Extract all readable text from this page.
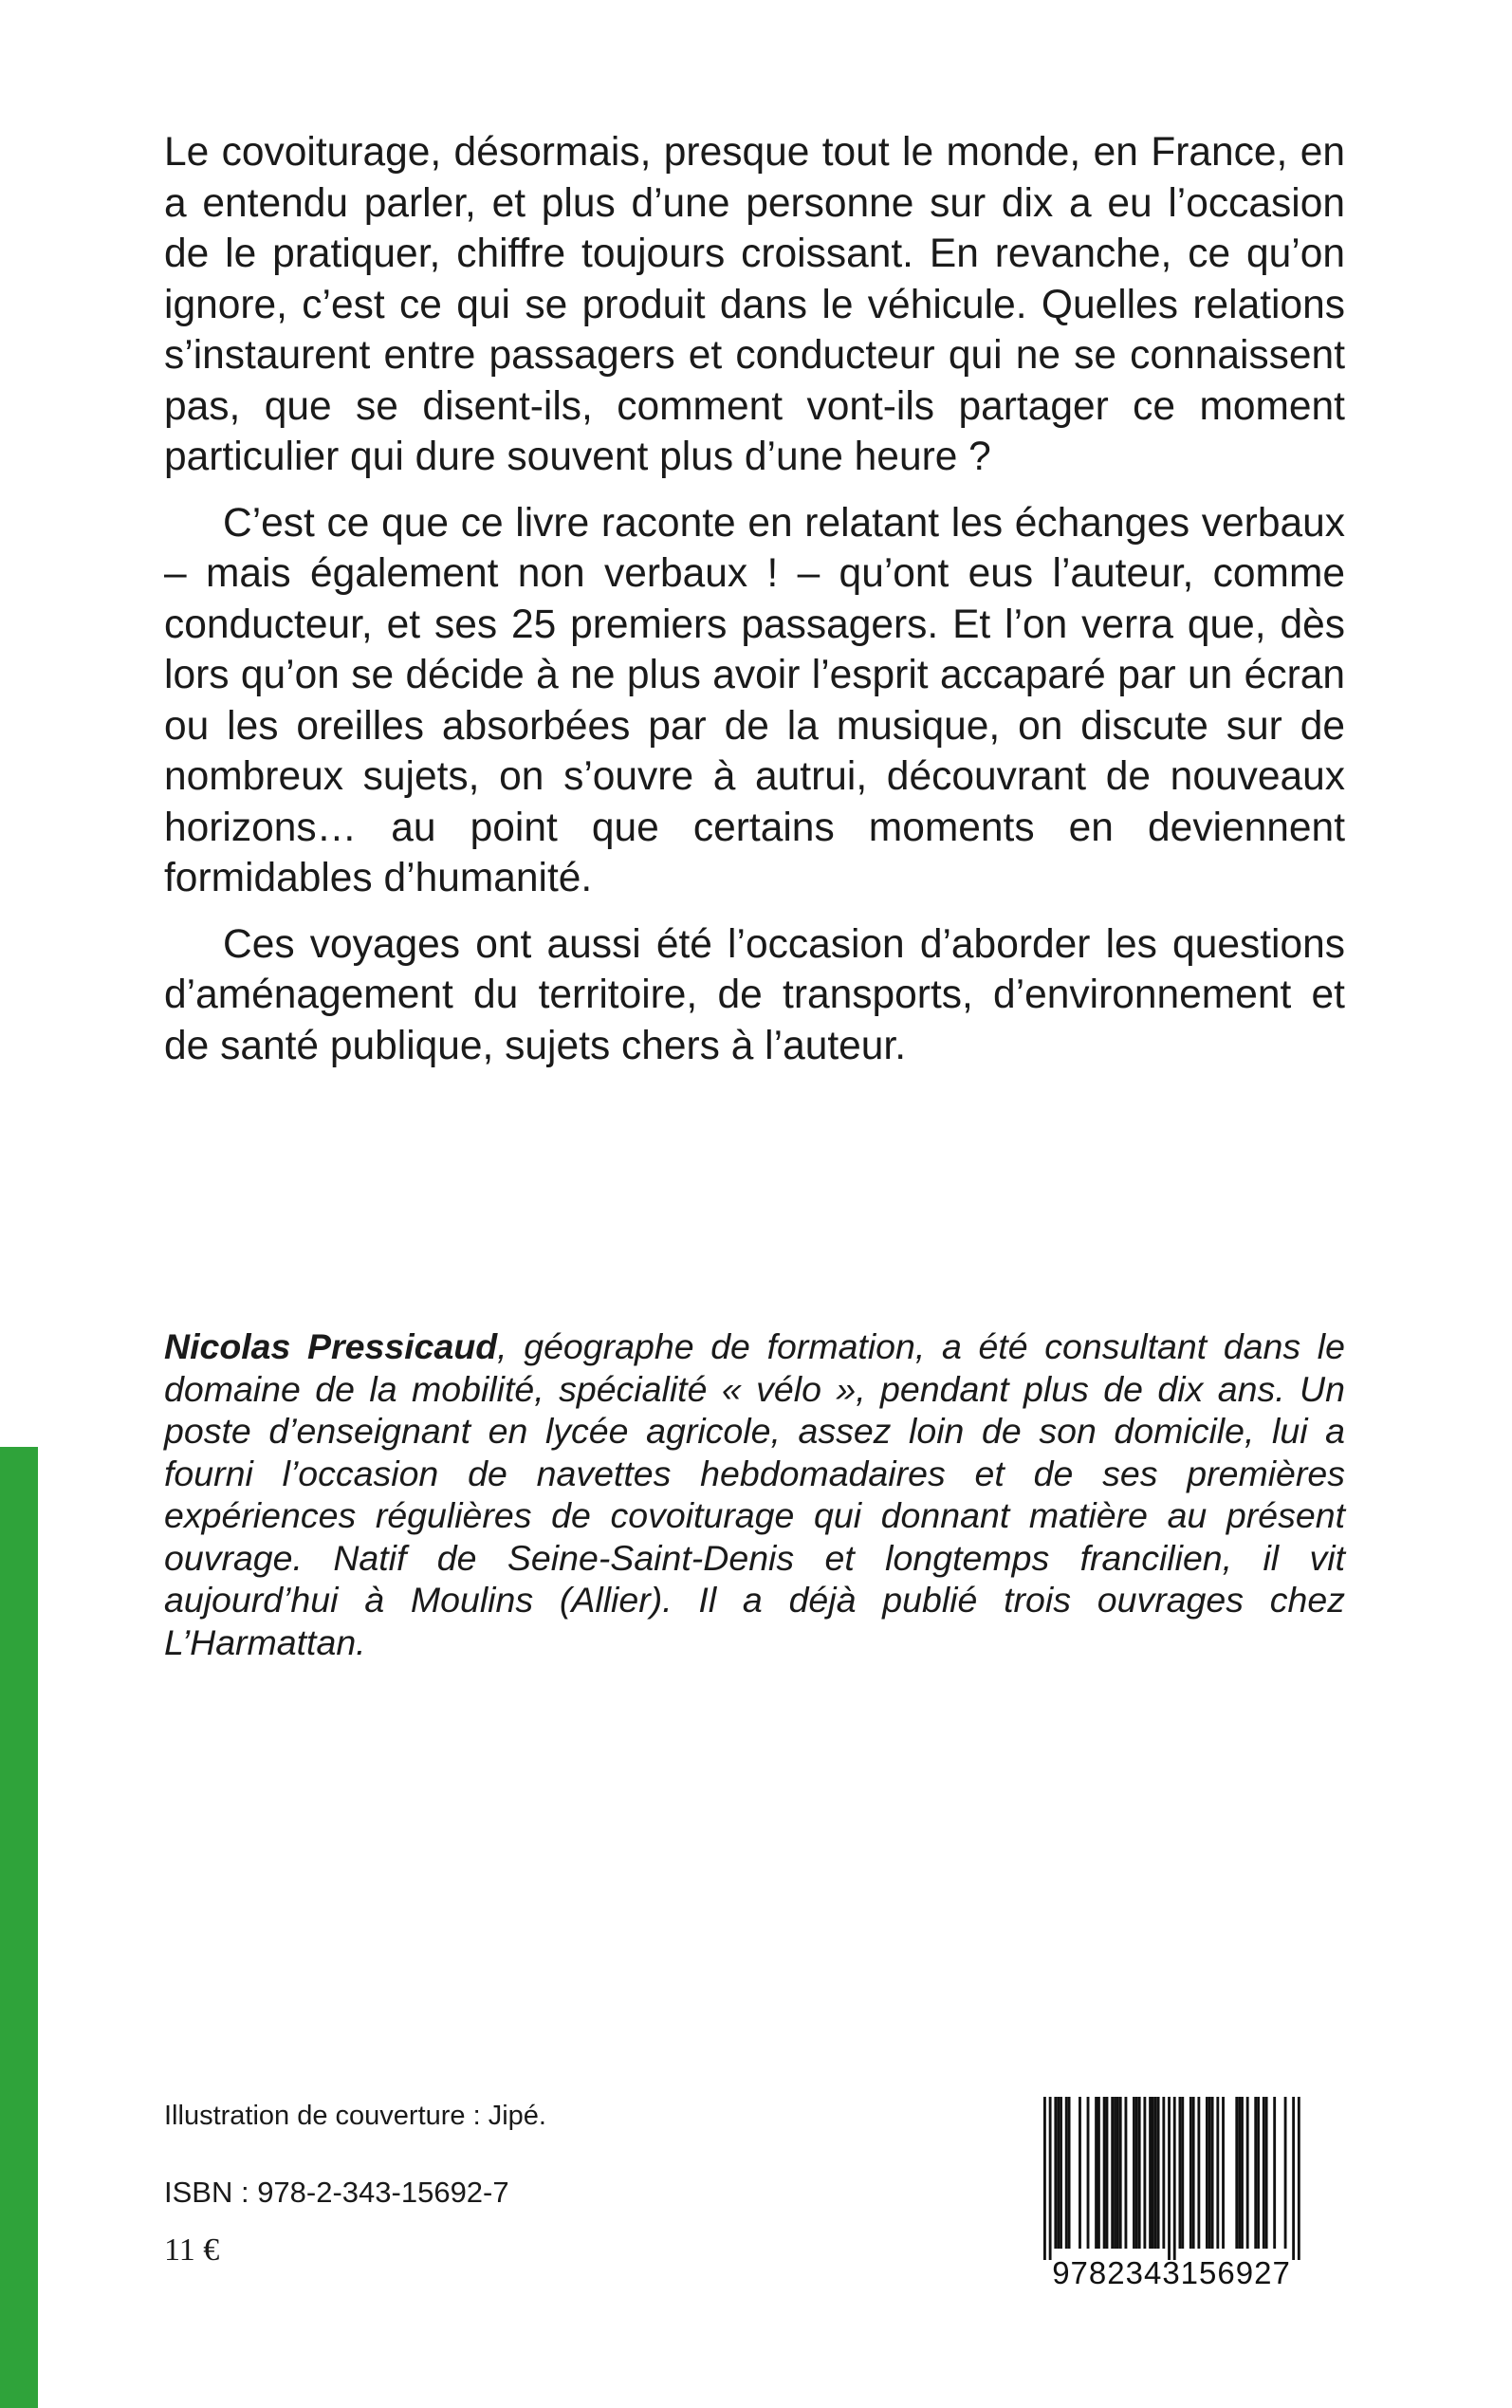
Le covoiturage, désormais, presque tout le monde, en France, en a entendu parler, et plus d’une personne sur dix a eu l’occasion de le pratiquer, chiffre toujours croissant. En revanche, ce qu’on ignore, c’est ce qui se produit dans le véhicule. Quelles relations s’instaurent entre passagers et conducteur qui ne se connaissent pas, que se disent-ils, comment vont-ils partager ce moment particulier qui dure souvent plus d’une heure ?

C’est ce que ce livre raconte en relatant les échanges verbaux – mais également non verbaux ! – qu’ont eus l’auteur, comme conducteur, et ses 25 premiers passagers. Et l’on verra que, dès lors qu’on se décide à ne plus avoir l’esprit accaparé par un écran ou les oreilles absorbées par de la musique, on discute sur de nombreux sujets, on s’ouvre à autrui, découvrant de nouveaux horizons… au point que certains moments en deviennent formidables d’humanité.

Ces voyages ont aussi été l’occasion d’aborder les questions d’aménagement du territoire, de transports, d’environnement et de santé publique, sujets chers à l’auteur.

Nicolas Pressicaud, géographe de formation, a été consultant dans le domaine de la mobilité, spécialité « vélo », pendant plus de dix ans. Un poste d’enseignant en lycée agricole, assez loin de son domicile, lui a fourni l’occasion de navettes hebdomadaires et de ses premières expériences régulières de covoiturage qui donnant matière au présent ouvrage. Natif de Seine-Saint-Denis et longtemps francilien, il vit aujourd’hui à Moulins (Allier). Il a déjà publié trois ouvrages chez L’Harmattan.
Illustration de couverture : Jipé.
ISBN : 978-2-343-15692-7
11 €
9782343156927
